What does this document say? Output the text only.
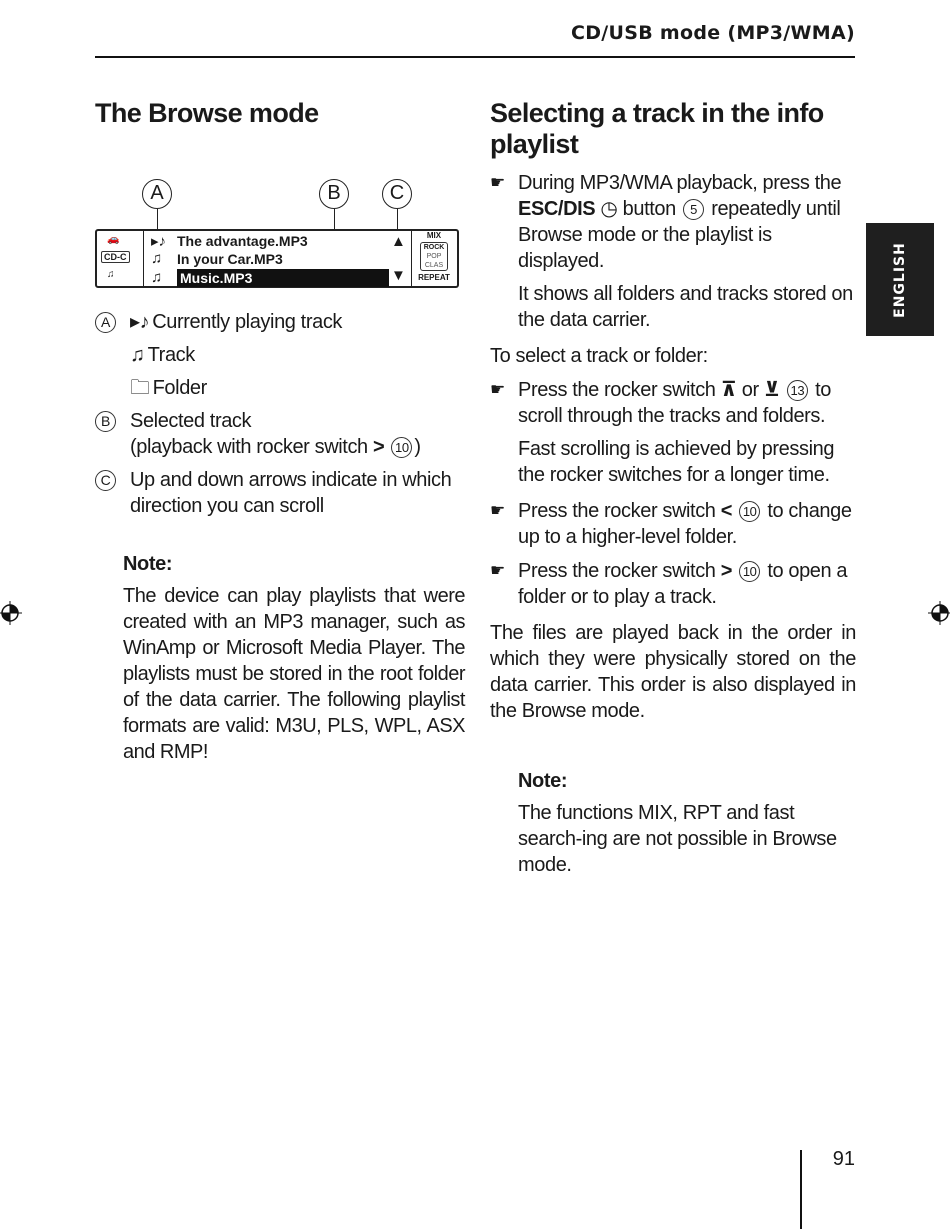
CD/USB mode (MP3/WMA)
ENGLISH
The Browse mode
A	B	C
🚗
CD-C
♫
▸♪
♫
♫
The advantage.MP3
In your Car.MP3
Music.MP3
▲
▼
MIX
ROCK
POP
CLAS
REPEAT
A	▸♪ Currently playing track
♫ Track
🗀 Folder
B	Selected track
(playback with rocker switch > 10 )
C Up and down arrows indicate in which direction you can scroll
Note:
The device can play playlists that were created with an MP3 manager, such as WinAmp or Microsoft Media Player. The playlists must be stored in the root folder of the data carrier. The following playlist formats are valid: M3U, PLS, WPL, ASX and RMP!
Selecting a track in the info playlist
☛ During MP3/WMA playback, press the ESC/DIS ◷ button 5 repeatedly until Browse mode or the playlist is displayed.
It shows all folders and tracks stored on the data carrier.
To select a track or folder:
☛ Press the rocker switch ⊼ or ⊻ 13 to scroll through the tracks and folders.
Fast scrolling is achieved by pressing the rocker switches for a longer time.
☛ Press the rocker switch < 10 to change up to a higher-level folder.
☛ Press the rocker switch > 10 to open a folder or to play a track.
The files are played back in the order in which they were physically stored on the data carrier. This order is also displayed in the Browse mode.
Note:
The functions MIX, RPT and fast search-ing are not possible in Browse mode.
91
